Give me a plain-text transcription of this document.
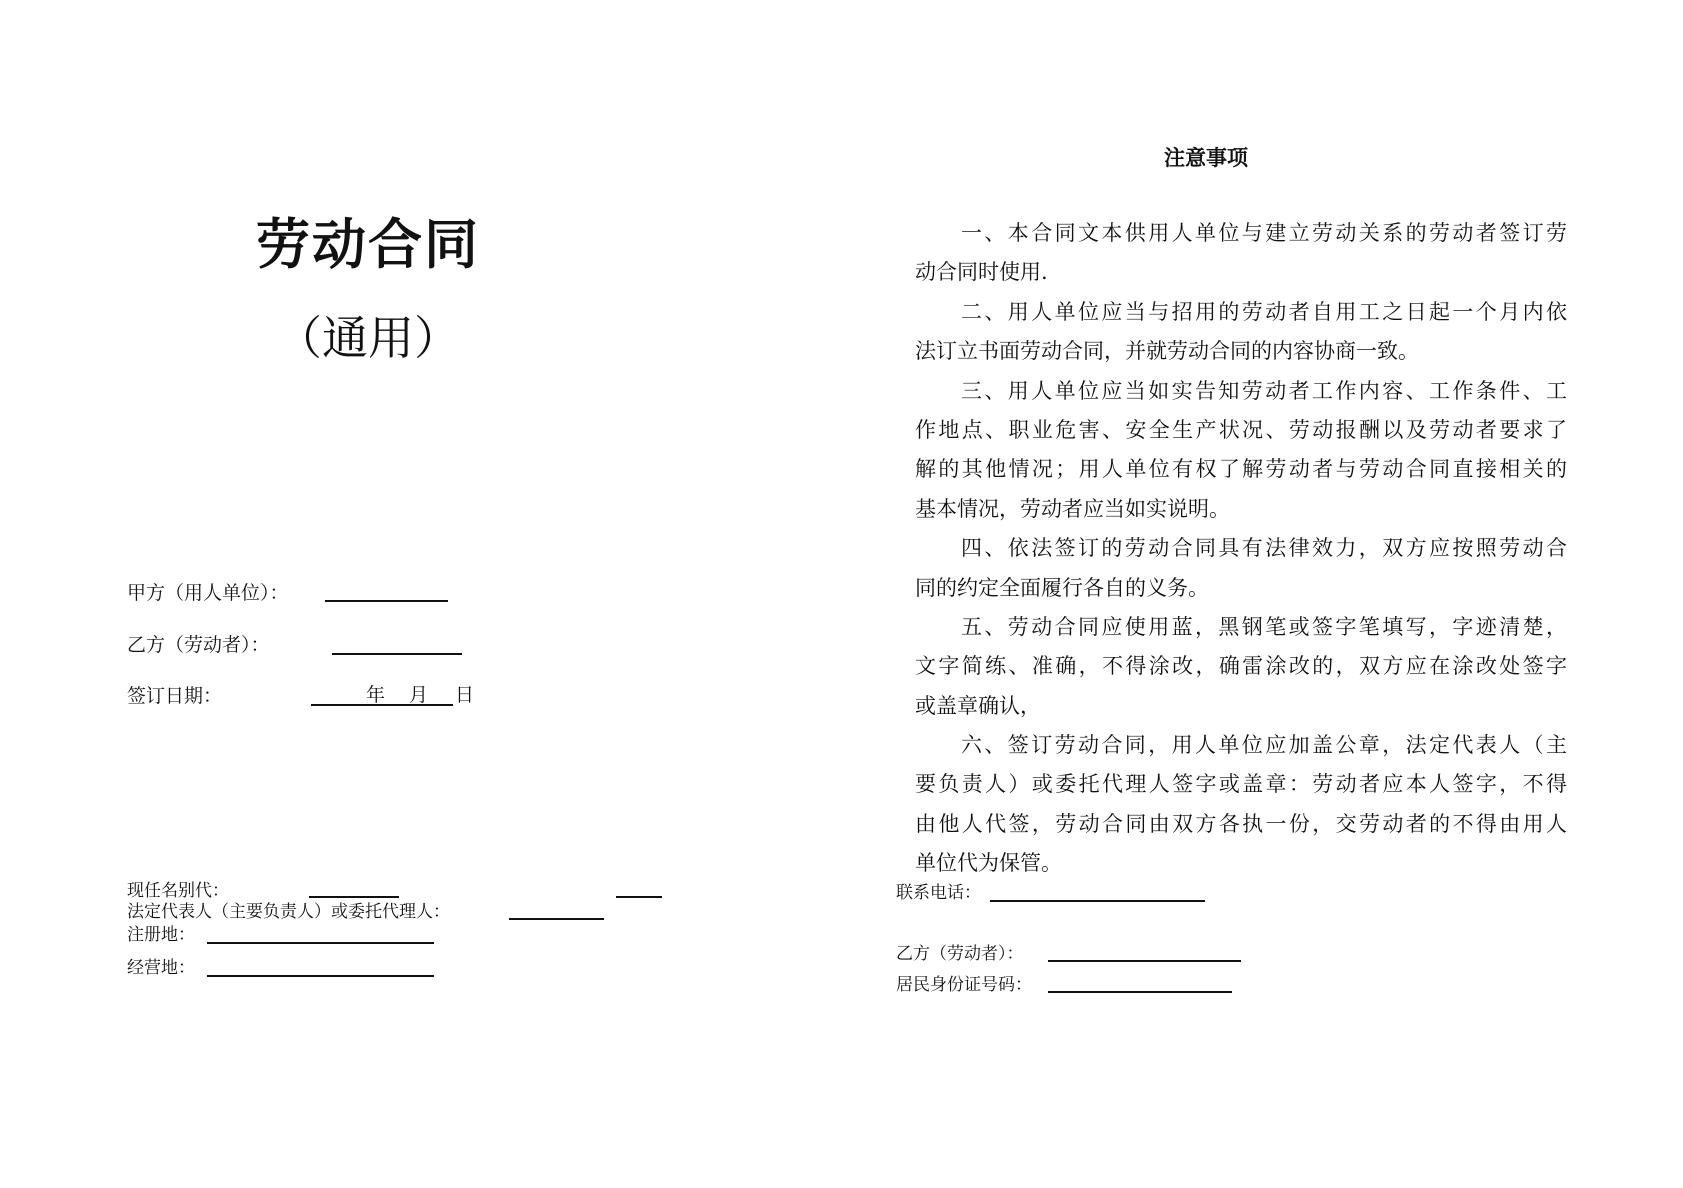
劳动合同
（通用）
甲方（用人单位）：
乙方（劳动者）：
签订日期：	年 月 日
现任名别代：
法定代表人（主要负责人）或委托代理人：
注册地：
经营地：
注意事项
一、本合同文本供用人单位与建立劳动关系的劳动者签订劳
动合同时使用.
二、用人单位应当与招用的劳动者自用工之日起一个月内依
法订立书面劳动合同，并就劳动合同的内容协商一致。
三、用人单位应当如实告知劳动者工作内容、工作条件、工
作地点、职业危害、安全生产状况、劳动报酬以及劳动者要求了
解的其他情况；用人单位有权了解劳动者与劳动合同直接相关的
基本情况，劳动者应当如实说明。
四、依法签订的劳动合同具有法律效力，双方应按照劳动合
同的约定全面履行各自的义务。
五、劳动合同应使用蓝，黑钢笔或签字笔填写，字迹清楚，
文字简练、准确，不得涂改，确雷涂改的，双方应在涂改处签字
或盖章确认，
六、签订劳动合同，用人单位应加盖公章，法定代表人（主
要负责人）或委托代理人签字或盖章：劳动者应本人签字，不得
由他人代签，劳动合同由双方各执一份，交劳动者的不得由用人
单位代为保管。
联系电话：
乙方（劳动者）：
居民身份证号码：
